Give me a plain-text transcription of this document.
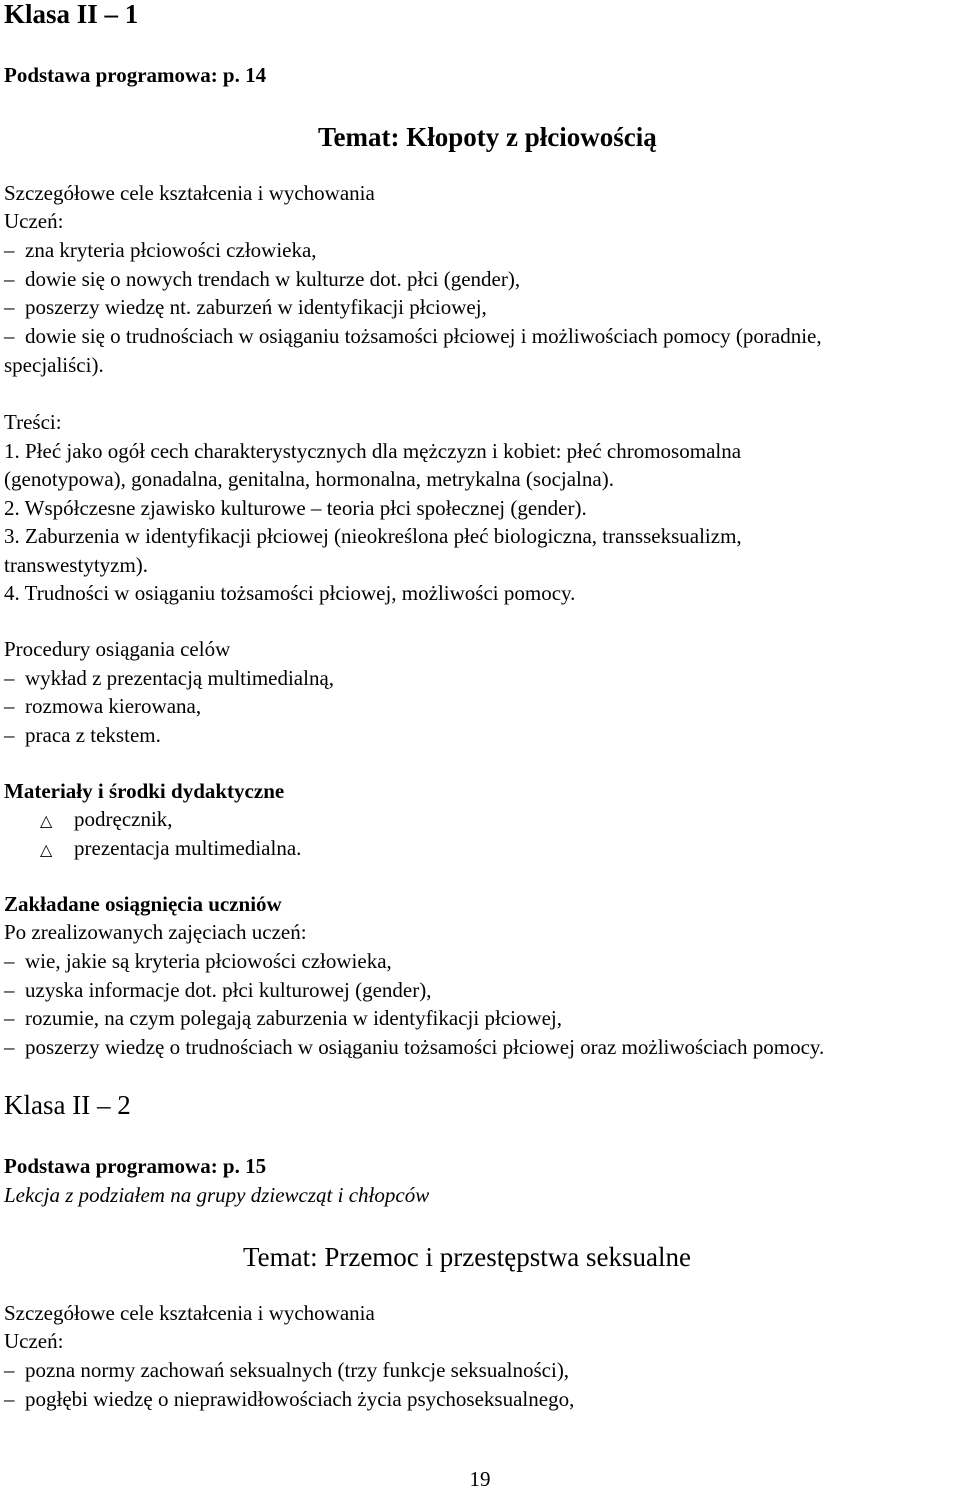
Klasa II – 1
Podstawa programowa: p. 14
Temat: Kłopoty z płciowością
Szczegółowe cele kształcenia i wychowania
Uczeń:
–  zna kryteria płciowości człowieka,
–  dowie się o nowych trendach w kulturze dot. płci (gender),
–  poszerzy wiedzę nt. zaburzeń w identyfikacji płciowej,
–  dowie się o trudnościach w osiąganiu tożsamości płciowej i możliwościach pomocy (poradnie,
specjaliści).
Treści:
1. Płeć jako ogół cech charakterystycznych dla mężczyzn i kobiet: płeć chromosomalna
(genotypowa), gonadalna, genitalna, hormonalna, metrykalna (socjalna).
2. Współczesne zjawisko kulturowe – teoria płci społecznej (gender).
3. Zaburzenia w identyfikacji płciowej (nieokreślona płeć biologiczna, transseksualizm,
transwestytyzm).
4. Trudności w osiąganiu tożsamości płciowej, możliwości pomocy.
Procedury osiągania celów
–  wykład z prezentacją multimedialną,
–  rozmowa kierowana,
–  praca z tekstem.
Materiały i środki dydaktyczne
△ podręcznik,
△ prezentacja multimedialna.
Zakładane osiągnięcia uczniów
Po zrealizowanych zajęciach uczeń:
–  wie, jakie są kryteria płciowości człowieka,
–  uzyska informacje dot. płci kulturowej (gender),
–  rozumie, na czym polegają zaburzenia w identyfikacji płciowej,
–  poszerzy wiedzę o trudnościach w osiąganiu tożsamości płciowej oraz możliwościach pomocy.
Klasa II – 2
Podstawa programowa: p. 15
Lekcja z podziałem na grupy dziewcząt i chłopców
Temat: Przemoc i przestępstwa seksualne
Szczegółowe cele kształcenia i wychowania
Uczeń:
–  pozna normy zachowań seksualnych (trzy funkcje seksualności),
–  pogłębi wiedzę o nieprawidłowościach życia psychoseksualnego,
19
